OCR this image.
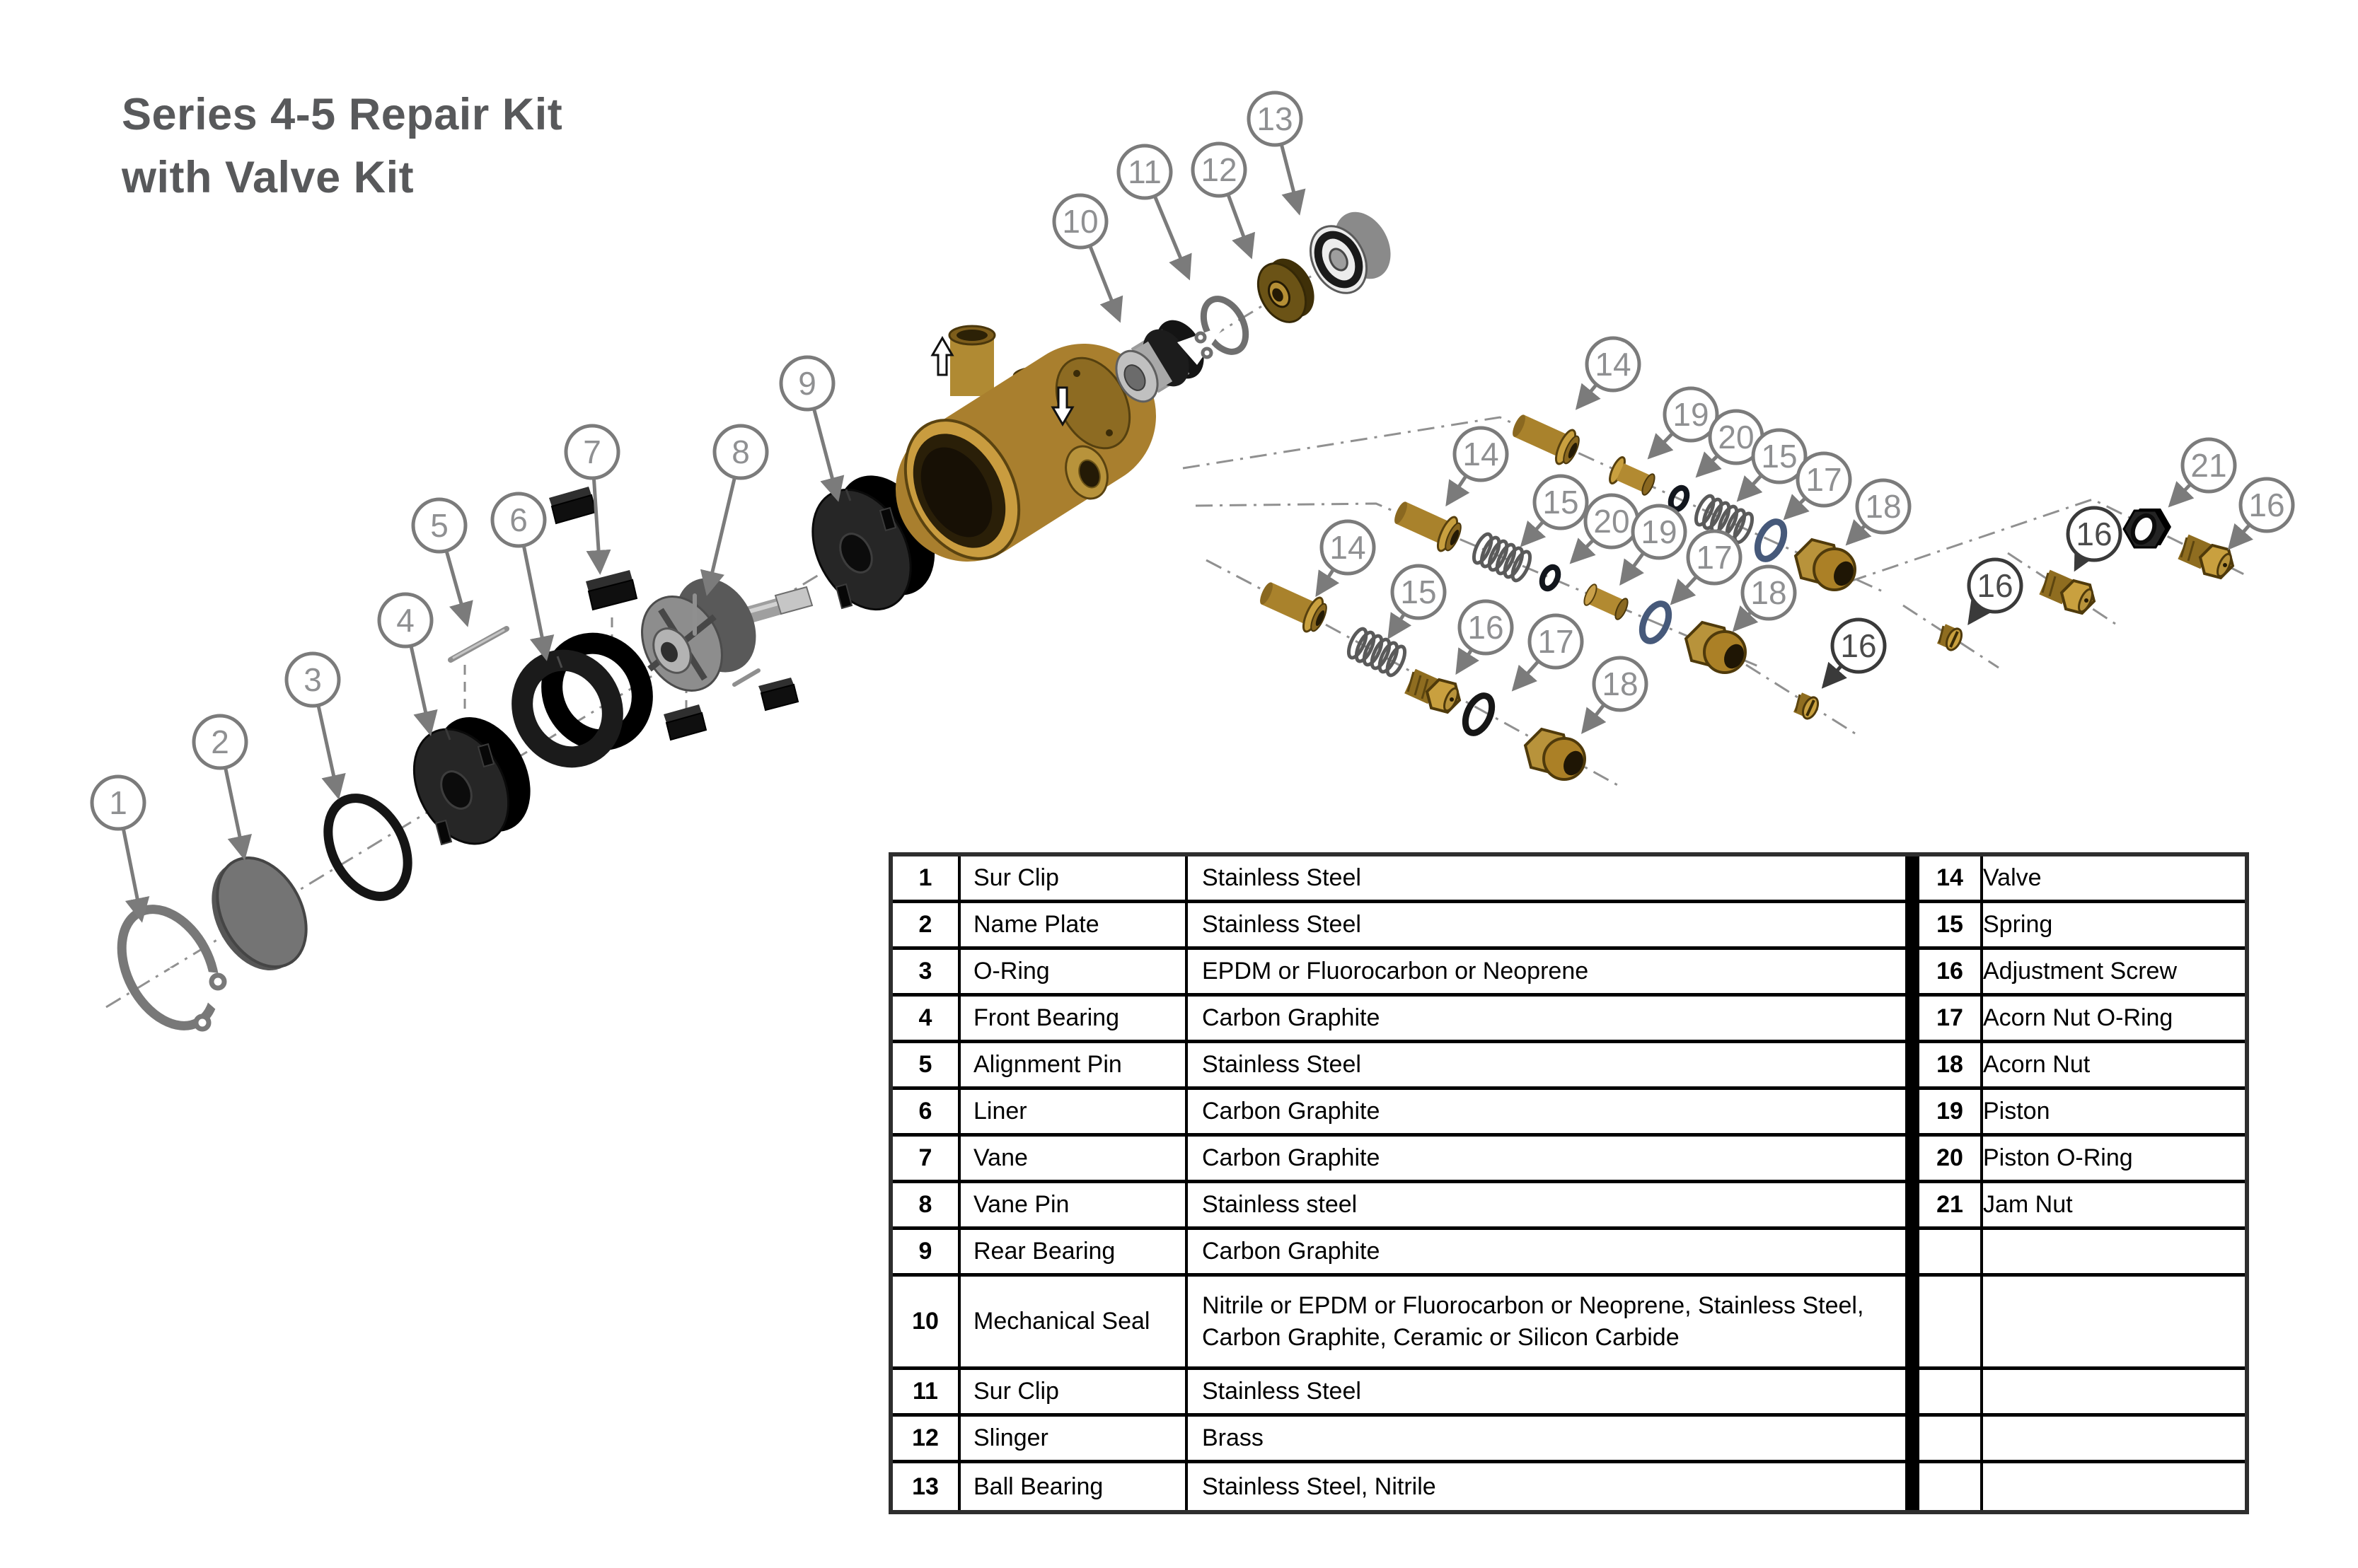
Series 4-5 Repair Kit
with Valve Kit
1
2
3
4
5 6
7	8
9
10
11 12
13
14
19
20
15
17
18
14
15
20 19
17
18
14
15
16 17
18
16
16
16
21
16
1	Sur Clip	Stainless Steel	14 Valve
2	Name Plate	Stainless Steel	15 Spring
3	O-Ring	EPDM or Fluorocarbon or Neoprene	16 Adjustment Screw
4	Front Bearing	Carbon Graphite	17 Acorn Nut O-Ring
5	Alignment Pin	Stainless Steel	18 Acorn Nut
6	Liner	Carbon Graphite	19 Piston
7	Vane	Carbon Graphite	20 Piston O-Ring
8	Vane Pin	Stainless steel	21 Jam Nut
9	Rear Bearing	Carbon Graphite
10	Mechanical Seal
Nitrile or EPDM or Fluorocarbon or Neoprene, Stainless Steel, Carbon Graphite, Ceramic or Silicon Carbide
11	Sur Clip	Stainless Steel
12	Slinger	Brass
13	Ball Bearing	Stainless Steel, Nitrile
